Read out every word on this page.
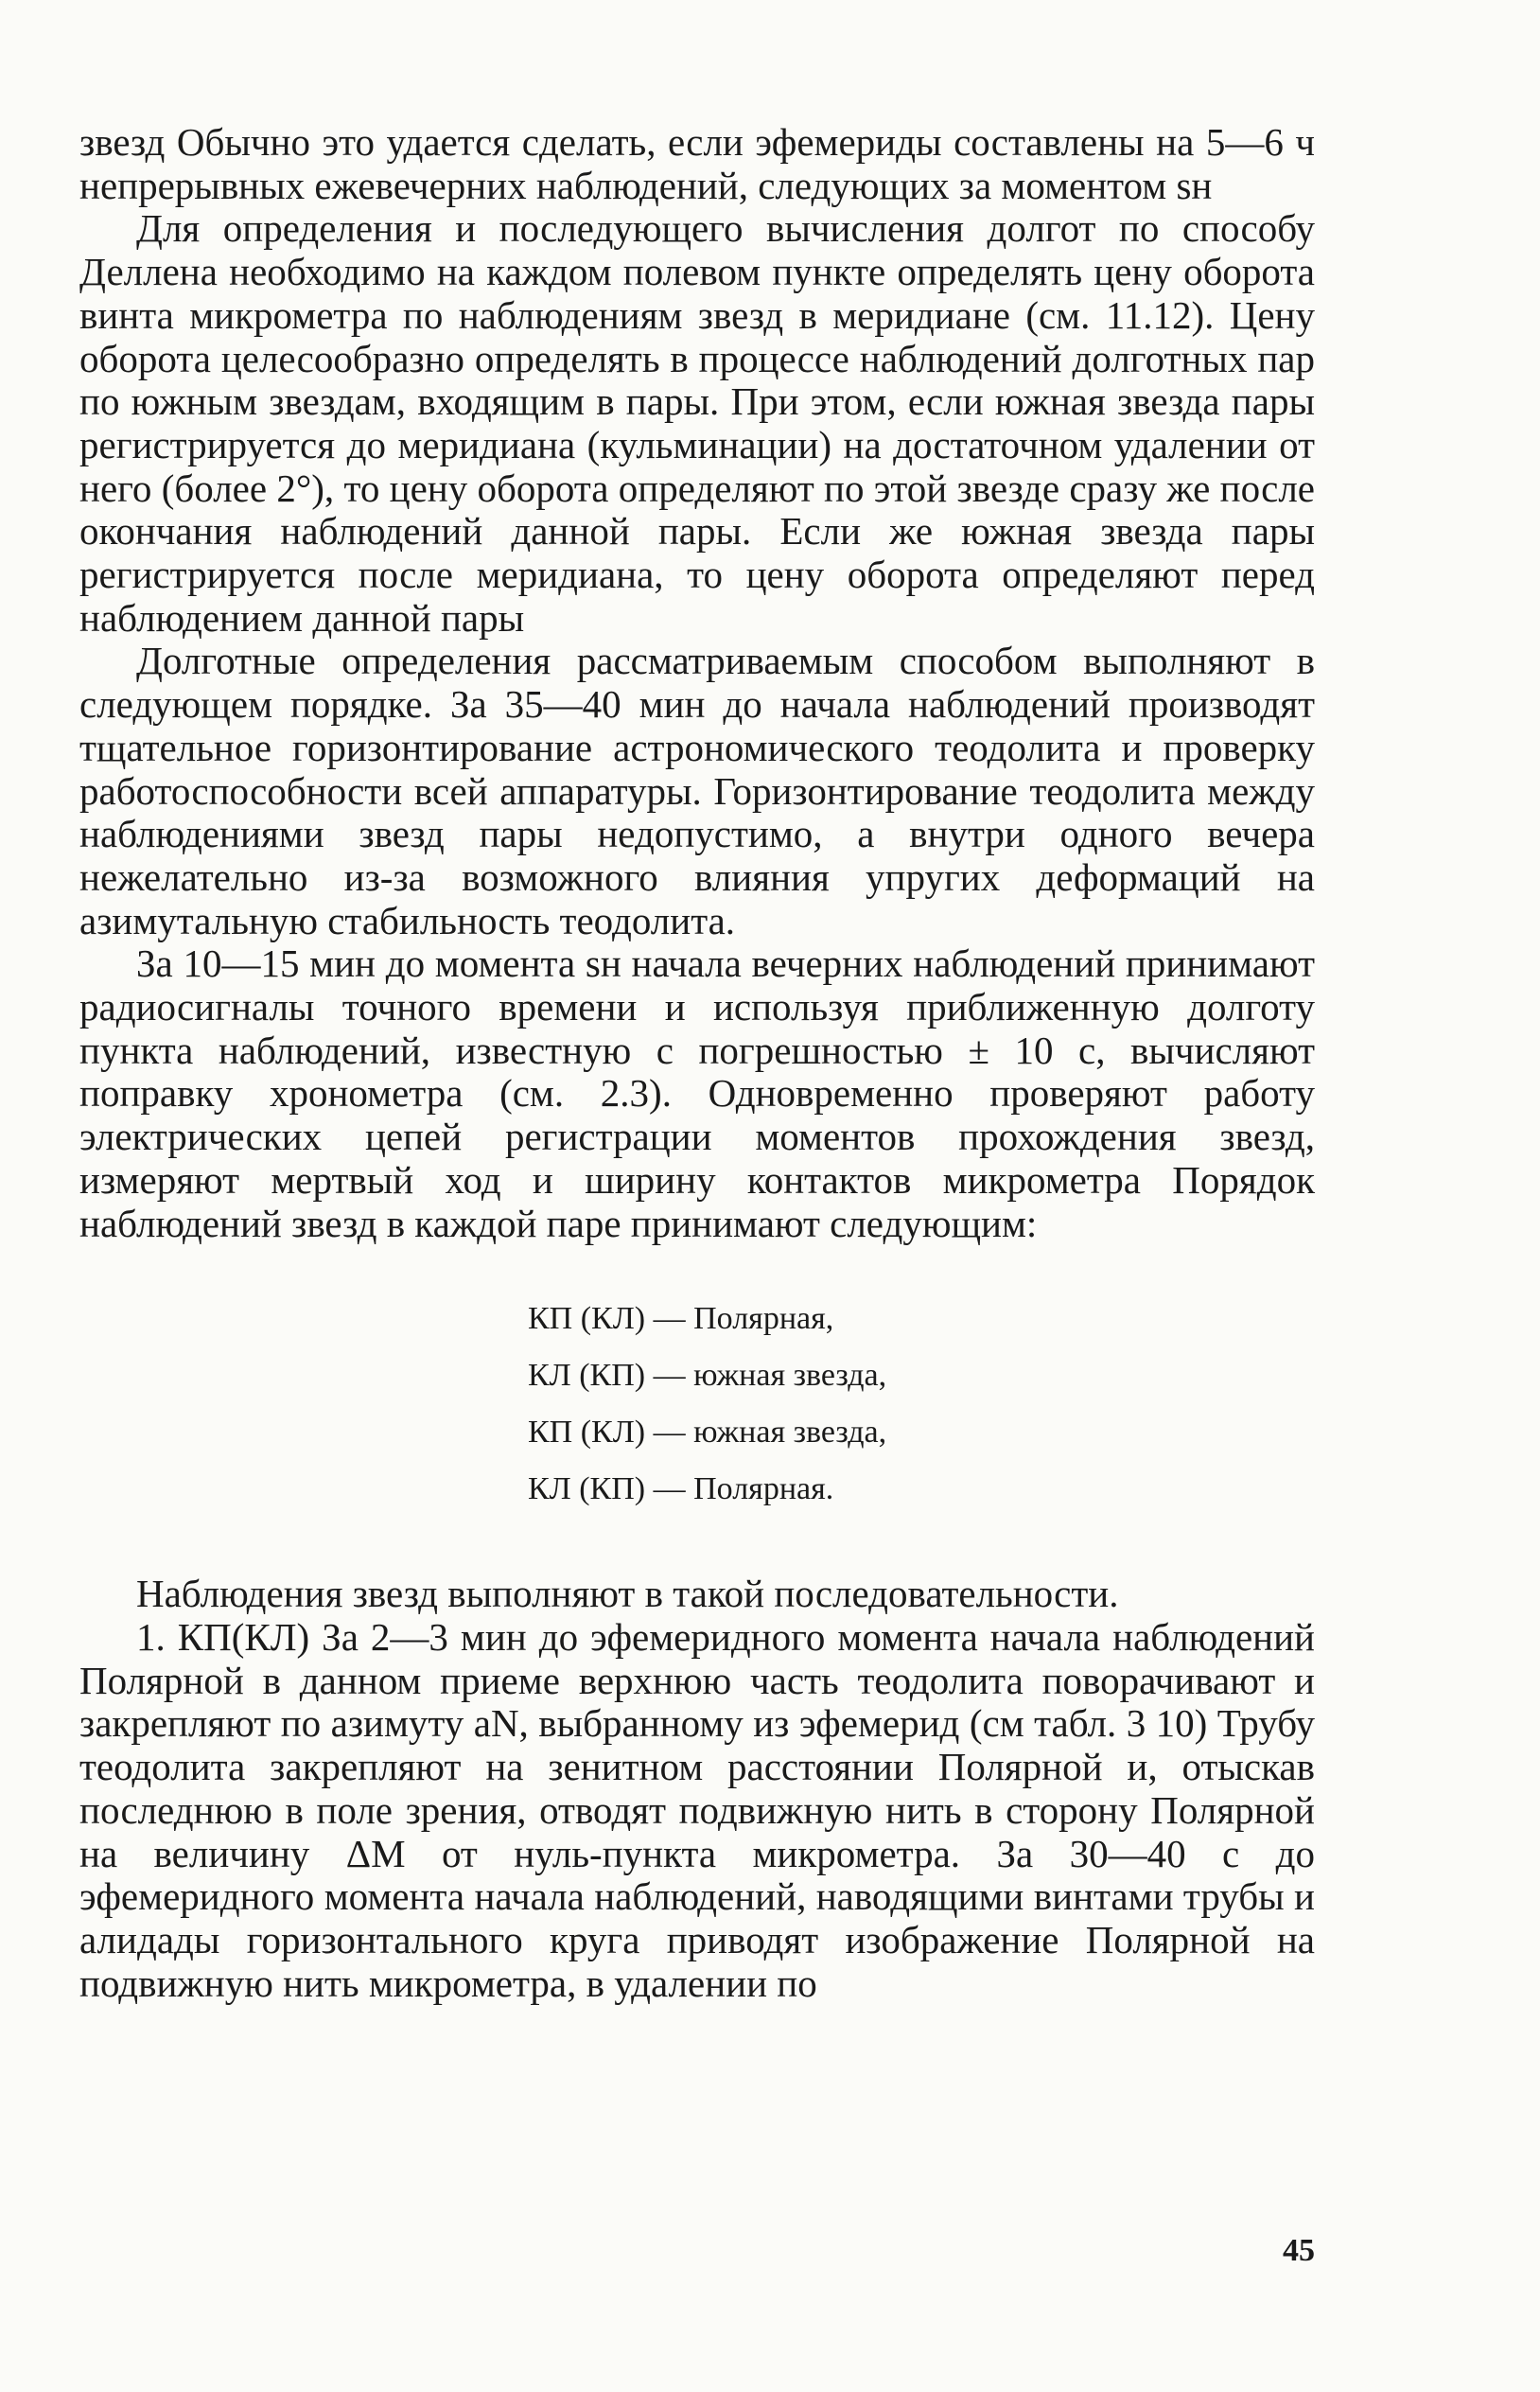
звезд Обычно это удается сделать, если эфемериды составлены на 5—6 ч непрерывных ежевечерних наблюдений, следующих за моментом sн

Для определения и последующего вычисления долгот по способу Деллена необходимо на каждом полевом пункте определять цену оборота винта микрометра по наблюдениям звезд в меридиане (см. 11.12). Цену оборота целесообразно определять в процессе наблюдений долготных пар по южным звездам, входящим в пары. При этом, если южная звезда пары регистрируется до меридиана (кульминации) на достаточном удалении от него (более 2°), то цену оборота определяют по этой звезде сразу же после окончания наблюдений данной пары. Если же южная звезда пары регистрируется после меридиана, то цену оборота определяют перед наблюдением данной пары

Долготные определения рассматриваемым способом выполняют в следующем порядке. За 35—40 мин до начала наблюдений производят тщательное горизонтирование астрономического теодолита и проверку работоспособности всей аппаратуры. Горизонтирование теодолита между наблюдениями звезд пары недопустимо, а внутри одного вечера нежелательно из-за возможного влияния упругих деформаций на азимутальную стабильность теодолита.

За 10—15 мин до момента sн начала вечерних наблюдений принимают радиосигналы точного времени и используя приближенную долготу пункта наблюдений, известную с погрешностью ± 10 с, вычисляют поправку хронометра (см. 2.3). Одновременно проверяют работу электрических цепей регистрации моментов прохождения звезд, измеряют мертвый ход и ширину контактов микрометра Порядок наблюдений звезд в каждой паре принимают следующим:

КП (КЛ) — Полярная,
КЛ (КП) — южная звезда,
КП (КЛ) — южная звезда,
КЛ (КП) — Полярная.

Наблюдения звезд выполняют в такой последовательности.

1. КП(КЛ) За 2—3 мин до эфемеридного момента начала наблюдений Полярной в данном приеме верхнюю часть теодолита поворачивают и закрепляют по азимуту aN, выбранному из эфемерид (см табл. 3 10) Трубу теодолита закрепляют на зенитном расстоянии Полярной и, отыскав последнюю в поле зрения, отводят подвижную нить в сторону Полярной на величину ΔM от нуль-пункта микрометра. За 30—40 с до эфемеридного момента начала наблюдений, наводящими винтами трубы и алидады горизонтального круга приводят изображение Полярной на подвижную нить микрометра, в удалении по

45
